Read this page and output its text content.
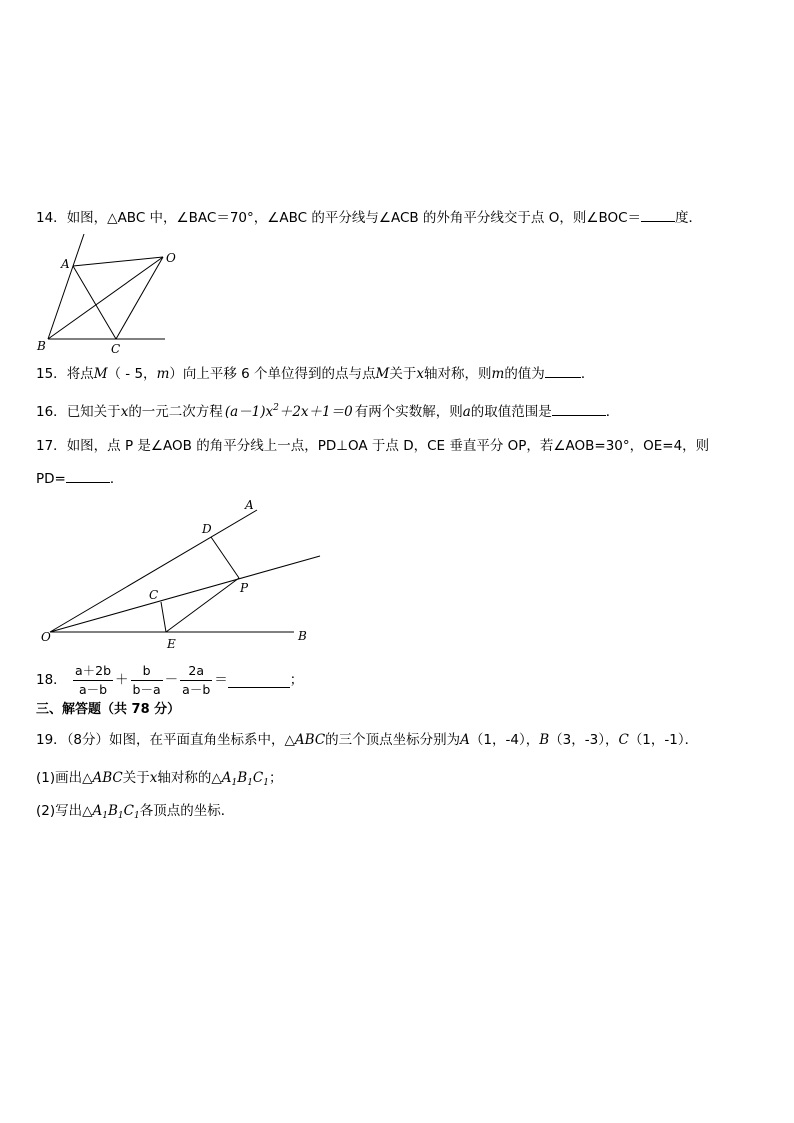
14．如图，△ABC 中，∠BAC＝70°，∠ABC 的平分线与∠ACB 的外角平分线交于点 O，则∠BOC＝	度．
A	O
B	C
15．将点M（ - 5，m）向上平移 6 个单位得到的点与点M关于x轴对称，则m的值为	．
16．已知关于x的一元二次方程 $(a-1)x^2+2x+1=0$ 有两个实数解，则a的取值范围是	．
17．如图，点 P 是∠AOB 的角平分线上一点，PD⊥OA 于点 D，CE 垂直平分 OP，若∠AOB=30°，OE=4，则
PD=	．
A
D
P
C
O	E
B
18． $\frac{a+2b}{a-b} + \frac{b}{b-a} - \frac{2a}{a-b}$ ＝	；
三、解答题（共 78 分）
19．（8分）如图，在平面直角坐标系中，△ABC的三个顶点坐标分别为A（1，-4），B（3，-3），C（1，-1）．
(1)画出△ABC关于x轴对称的$\triangle A_1B_1C_1$；
(2)写出$\triangle A_1B_1C_1$各顶点的坐标．
